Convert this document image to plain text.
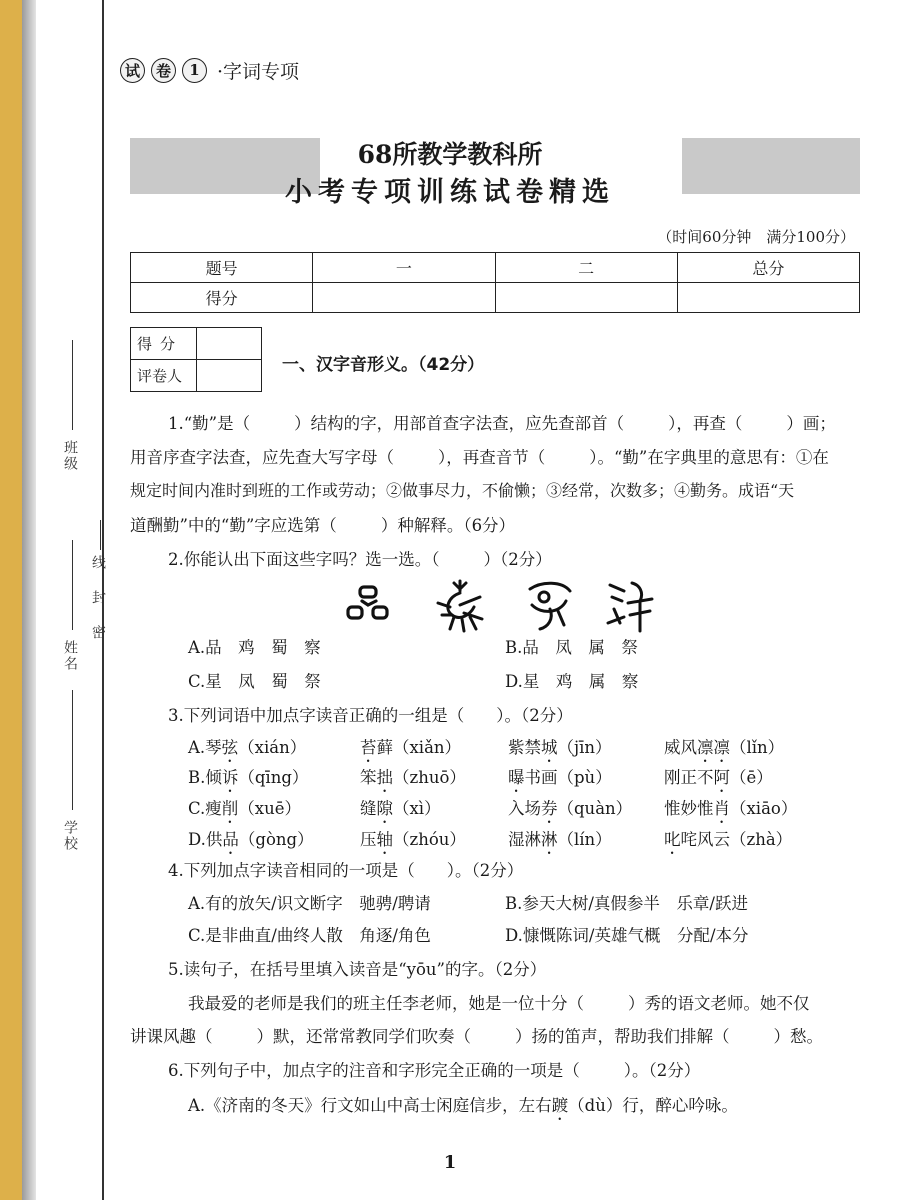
班级
姓名
学校
线
封
密
试	卷	1 ·字词专项
68所教学教科所
小考专项训练试卷精选
（时间60分钟　满分100分）
题号	一	二	总分
得分			
得分	
评卷人	
一、汉字音形义。（42分）
1.“勤”是（	）结构的字，用部首查字法查，应先查部首（	），再查（	）画；
用音序查字法查，应先查大写字母（	），再查音节（	）。“勤”在字典里的意思有：①在
规定时间内准时到班的工作或劳动；②做事尽力，不偷懒；③经常，次数多；④勤务。成语“天
道酬勤”中的“勤”字应选第（	）种解释。（6分）
2.你能认出下面这些字吗？选一选。（	）（2分）
A.品　鸡　蜀　察	B.品　凤　属　祭
C.星　凤　蜀　祭	D.星　鸡　属　察
3.下列词语中加点字读音正确的一组是（ ）。（2分）
A.琴弦（xián）	苔藓（xiǎn）	紫禁城（jīn）	威风凛凛（lǐn）
B.倾诉（qīng）	笨拙（zhuō）	曝书画（pù）	刚正不阿（ē）
C.瘦削（xuē）	缝隙（xì）	入场券（quàn） 惟妙惟肖（xiāo）
D.供品（gòng）	压轴（zhóu）	湿淋淋（lín）	叱咤风云（zhà）
4.下列加点字读音相同的一项是（ ）。（2分）
A.有的放矢/识文断字　驰骋/聘请	B.参天大树/真假参半　乐章/跃进
C.是非曲直/曲终人散　角逐/角色	D.慷慨陈词/英雄气概　分配/本分
5.读句子，在括号里填入读音是“yōu”的字。（2分）
我最爱的老师是我们的班主任李老师，她是一位十分（	）秀的语文老师。她不仅
讲课风趣（	）默，还常常教同学们吹奏（	）扬的笛声，帮助我们排解（	）愁。
6.下列句子中，加点字的注音和字形完全正确的一项是（	）。（2分）
A.《济南的冬天》行文如山中高士闲庭信步，左右踱（dù）行，醉心吟咏。
1
